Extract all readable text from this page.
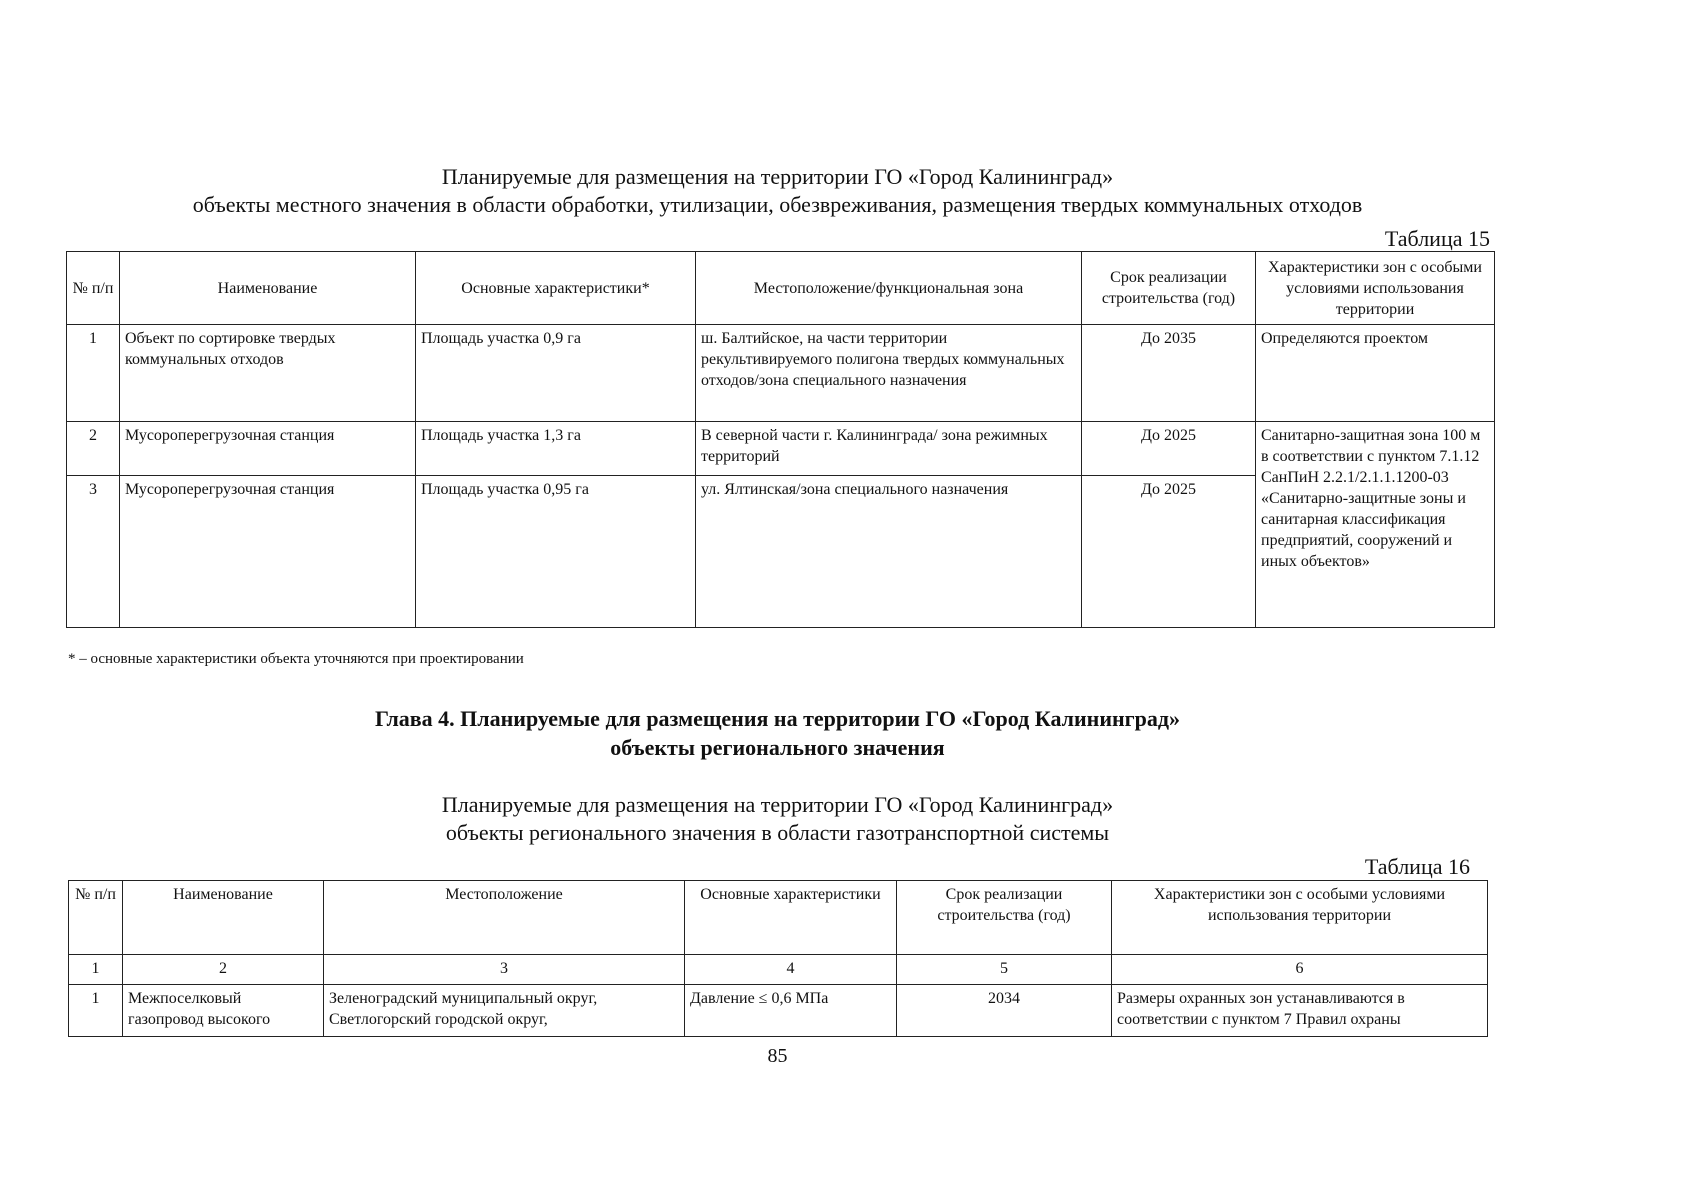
Планируемые для размещения на территории ГО «Город Калининград»
объекты местного значения в области обработки, утилизации, обезвреживания, размещения твердых коммунальных отходов
Таблица 15
№ п/п	Наименование	Основные характеристики*	Местоположение/функциональная зона	Срок реализации строительства (год)	Характеристики зон с особыми условиями использования территории
1	Объект по сортировке твердых коммунальных отходов	Площадь участка 0,9 га	ш. Балтийское, на части территории рекультивируемого полигона твердых коммунальных отходов/зона специального назначения	До 2035	Определяются проектом
2	Мусороперегрузочная станция	Площадь участка 1,3 га	В северной части г. Калининграда/ зона режимных территорий	До 2025	Санитарно-защитная зона 100 м в соответствии с пунктом 7.1.12 СанПиН 2.2.1/2.1.1.1200-03 «Санитарно-защитные зоны и санитарная классификация предприятий, сооружений и иных объектов»
3	Мусороперегрузочная станция	Площадь участка 0,95 га	ул. Ялтинская/зона специального назначения	До 2025	
* – основные характеристики объекта уточняются при проектировании
Глава 4. Планируемые для размещения на территории ГО «Город Калининград»
объекты регионального значения
Планируемые для размещения на территории ГО «Город Калининград»
объекты регионального значения в области газотранспортной системы
Таблица 16
№ п/п	Наименование	Местоположение	Основные характеристики	Срок реализации строительства (год)	Характеристики зон с особыми условиями использования территории
1	2	3	4	5	6
1	Межпоселковый газопровод высокого	Зеленоградский муниципальный округ, Светлогорский городской округ,	Давление ≤ 0,6 МПа	2034	Размеры охранных зон устанавливаются в соответствии с пунктом 7 Правил охраны
85
